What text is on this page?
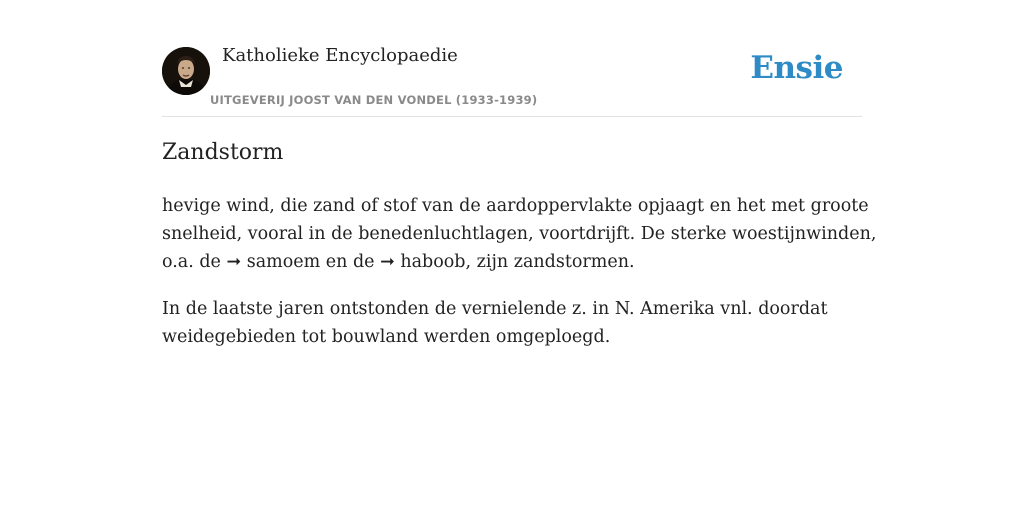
Katholieke Encyclopaedie
UITGEVERIJ JOOST VAN DEN VONDEL (1933-1939)
Ensie
Zandstorm

hevige wind, die zand of stof van de aardoppervlakte opjaagt en het met groote
snelheid, vooral in de benedenluchtlagen, voortdrijft. De sterke woestijnwinden,
o.a. de ➞ samoem en de ➞ haboob, zijn zandstormen.

In de laatste jaren ontstonden de vernielende z. in N. Amerika vnl. doordat
weidegebieden tot bouwland werden omgeploegd.
